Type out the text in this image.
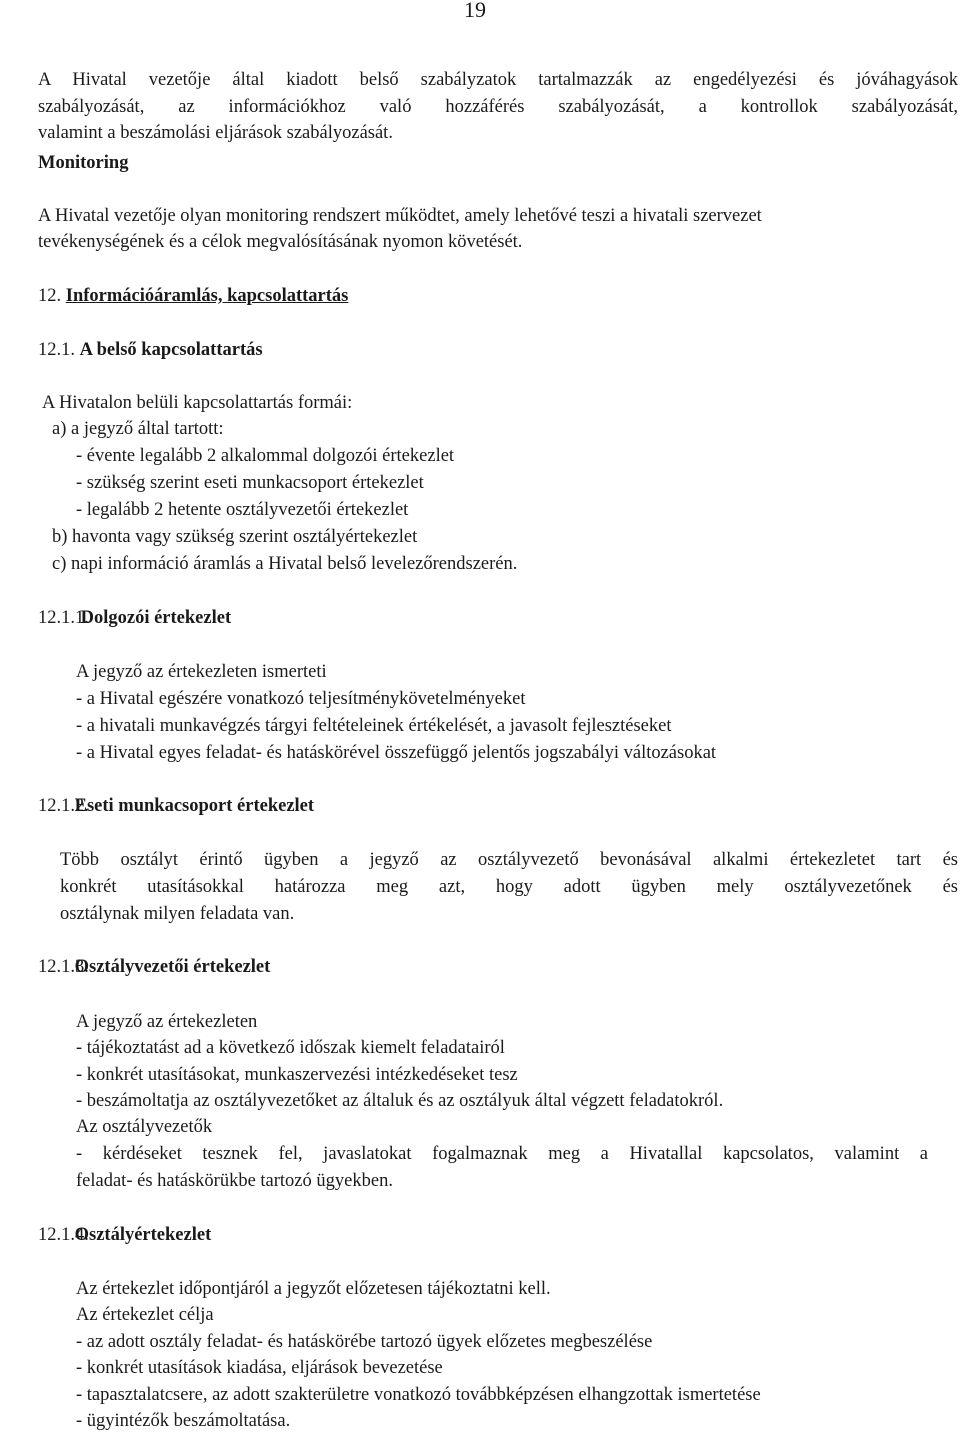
19
A Hivatal vezetője által kiadott belső szabályzatok tartalmazzák az engedélyezési és jóváhagyások
szabályozását, az információkhoz való hozzáférés szabályozását, a kontrollok szabályozását,
valamint a beszámolási eljárások szabályozását.
Monitoring
A Hivatal vezetője olyan monitoring rendszert működtet, amely lehetővé teszi a hivatali szervezet
tevékenységének és a célok megvalósításának nyomon követését.
12. Információáramlás, kapcsolattartás
12.1. A belső kapcsolattartás
A Hivatalon belüli kapcsolattartás formái:
a) a jegyző által tartott:
- évente legalább 2 alkalommal dolgozói értekezlet
- szükség szerint eseti munkacsoport értekezlet
- legalább 2 hetente osztályvezetői értekezlet
b) havonta vagy szükség szerint osztályértekezlet
c) napi információ áramlás a Hivatal belső levelezőrendszerén.
12.1.1. Dolgozói értekezlet
A jegyző az értekezleten ismerteti
- a Hivatal egészére vonatkozó teljesítménykövetelményeket
- a hivatali munkavégzés tárgyi feltételeinek értékelését, a javasolt fejlesztéseket
- a Hivatal egyes feladat- és hatáskörével összefüggő jelentős jogszabályi változásokat
12.1.2. Eseti munkacsoport értekezlet
Több osztályt érintő ügyben a jegyző az osztályvezető bevonásával alkalmi értekezletet tart és
konkrét utasításokkal határozza meg azt, hogy adott ügyben mely osztályvezetőnek és
osztálynak milyen feladata van.
12.1.3. Osztályvezetői értekezlet
A jegyző az értekezleten
- tájékoztatást ad a következő időszak kiemelt feladatairól
- konkrét utasításokat, munkaszervezési intézkedéseket tesz
- beszámoltatja az osztályvezetőket az általuk és az osztályuk által végzett feladatokról.
Az osztályvezetők
- kérdéseket tesznek fel, javaslatokat fogalmaznak meg a Hivatallal kapcsolatos, valamint a
feladat- és hatáskörükbe tartozó ügyekben.
12.1.4. Osztályértekezlet
Az értekezlet időpontjáról a jegyzőt előzetesen tájékoztatni kell.
Az értekezlet célja
- az adott osztály feladat- és hatáskörébe tartozó ügyek előzetes megbeszélése
- konkrét utasítások kiadása, eljárások bevezetése
- tapasztalatcsere, az adott szakterületre vonatkozó továbbképzésen elhangzottak ismertetése
- ügyintézők beszámoltatása.
